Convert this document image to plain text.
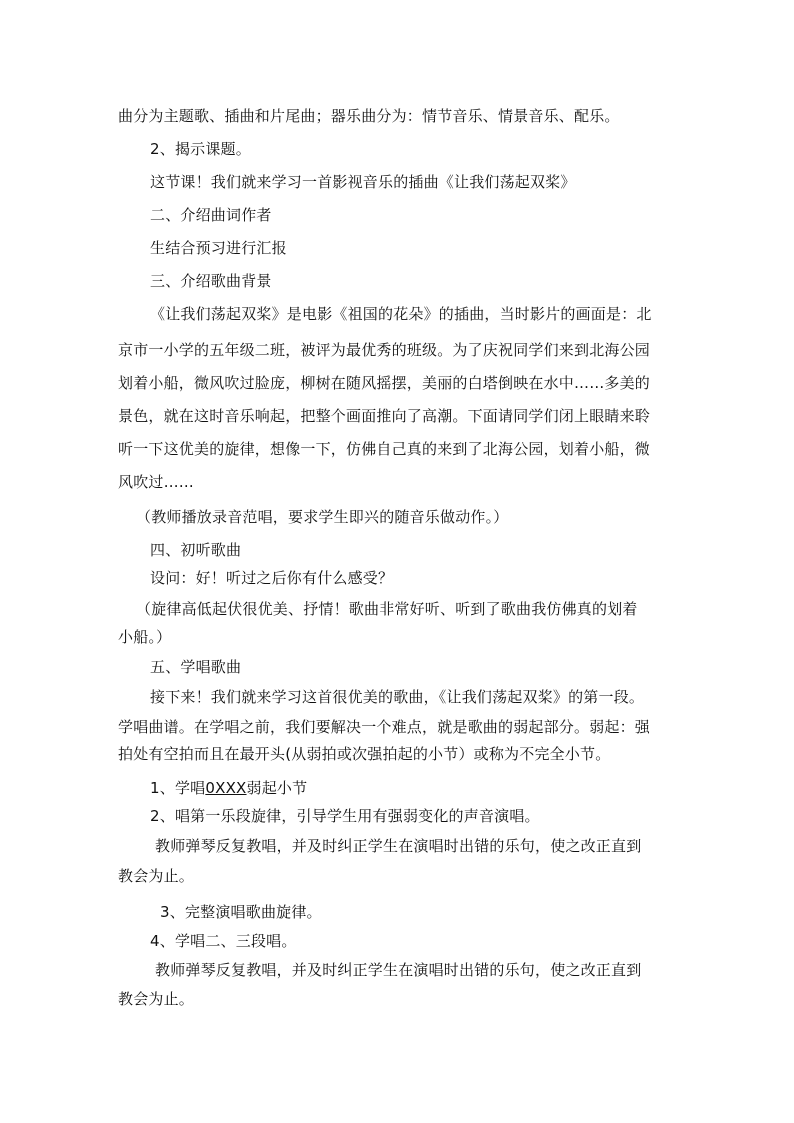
曲分为主题歌、插曲和片尾曲；器乐曲分为：情节音乐、情景音乐、配乐。
2、揭示课题。
这节课！我们就来学习一首影视音乐的插曲《让我们荡起双桨》
二、介绍曲词作者
生结合预习进行汇报
三、介绍歌曲背景
《让我们荡起双桨》是电影《祖国的花朵》的插曲，当时影片的画面是：北
京市一小学的五年级二班，被评为最优秀的班级。为了庆祝同学们来到北海公园
划着小船，微风吹过脸庞，柳树在随风摇摆，美丽的白塔倒映在水中……多美的
景色，就在这时音乐响起，把整个画面推向了高潮。下面请同学们闭上眼睛来聆
听一下这优美的旋律，想像一下，仿佛自己真的来到了北海公园，划着小船，微
风吹过……
（教师播放录音范唱，要求学生即兴的随音乐做动作。）
四、初听歌曲
设问：好！听过之后你有什么感受？
（旋律高低起伏很优美、抒情！歌曲非常好听、听到了歌曲我仿佛真的划着
小船。）
五、学唱歌曲
接下来！我们就来学习这首很优美的歌曲，《让我们荡起双桨》的第一段。
学唱曲谱。在学唱之前，我们要解决一个难点，就是歌曲的弱起部分。弱起：强
拍处有空拍而且在最开头(从弱拍或次强拍起的小节）或称为不完全小节。
1、学唱0XXX弱起小节
2、唱第一乐段旋律，引导学生用有强弱变化的声音演唱。
教师弹琴反复教唱，并及时纠正学生在演唱时出错的乐句，使之改正直到
教会为止。
3、完整演唱歌曲旋律。
4、学唱二、三段唱。
教师弹琴反复教唱，并及时纠正学生在演唱时出错的乐句，使之改正直到
教会为止。
